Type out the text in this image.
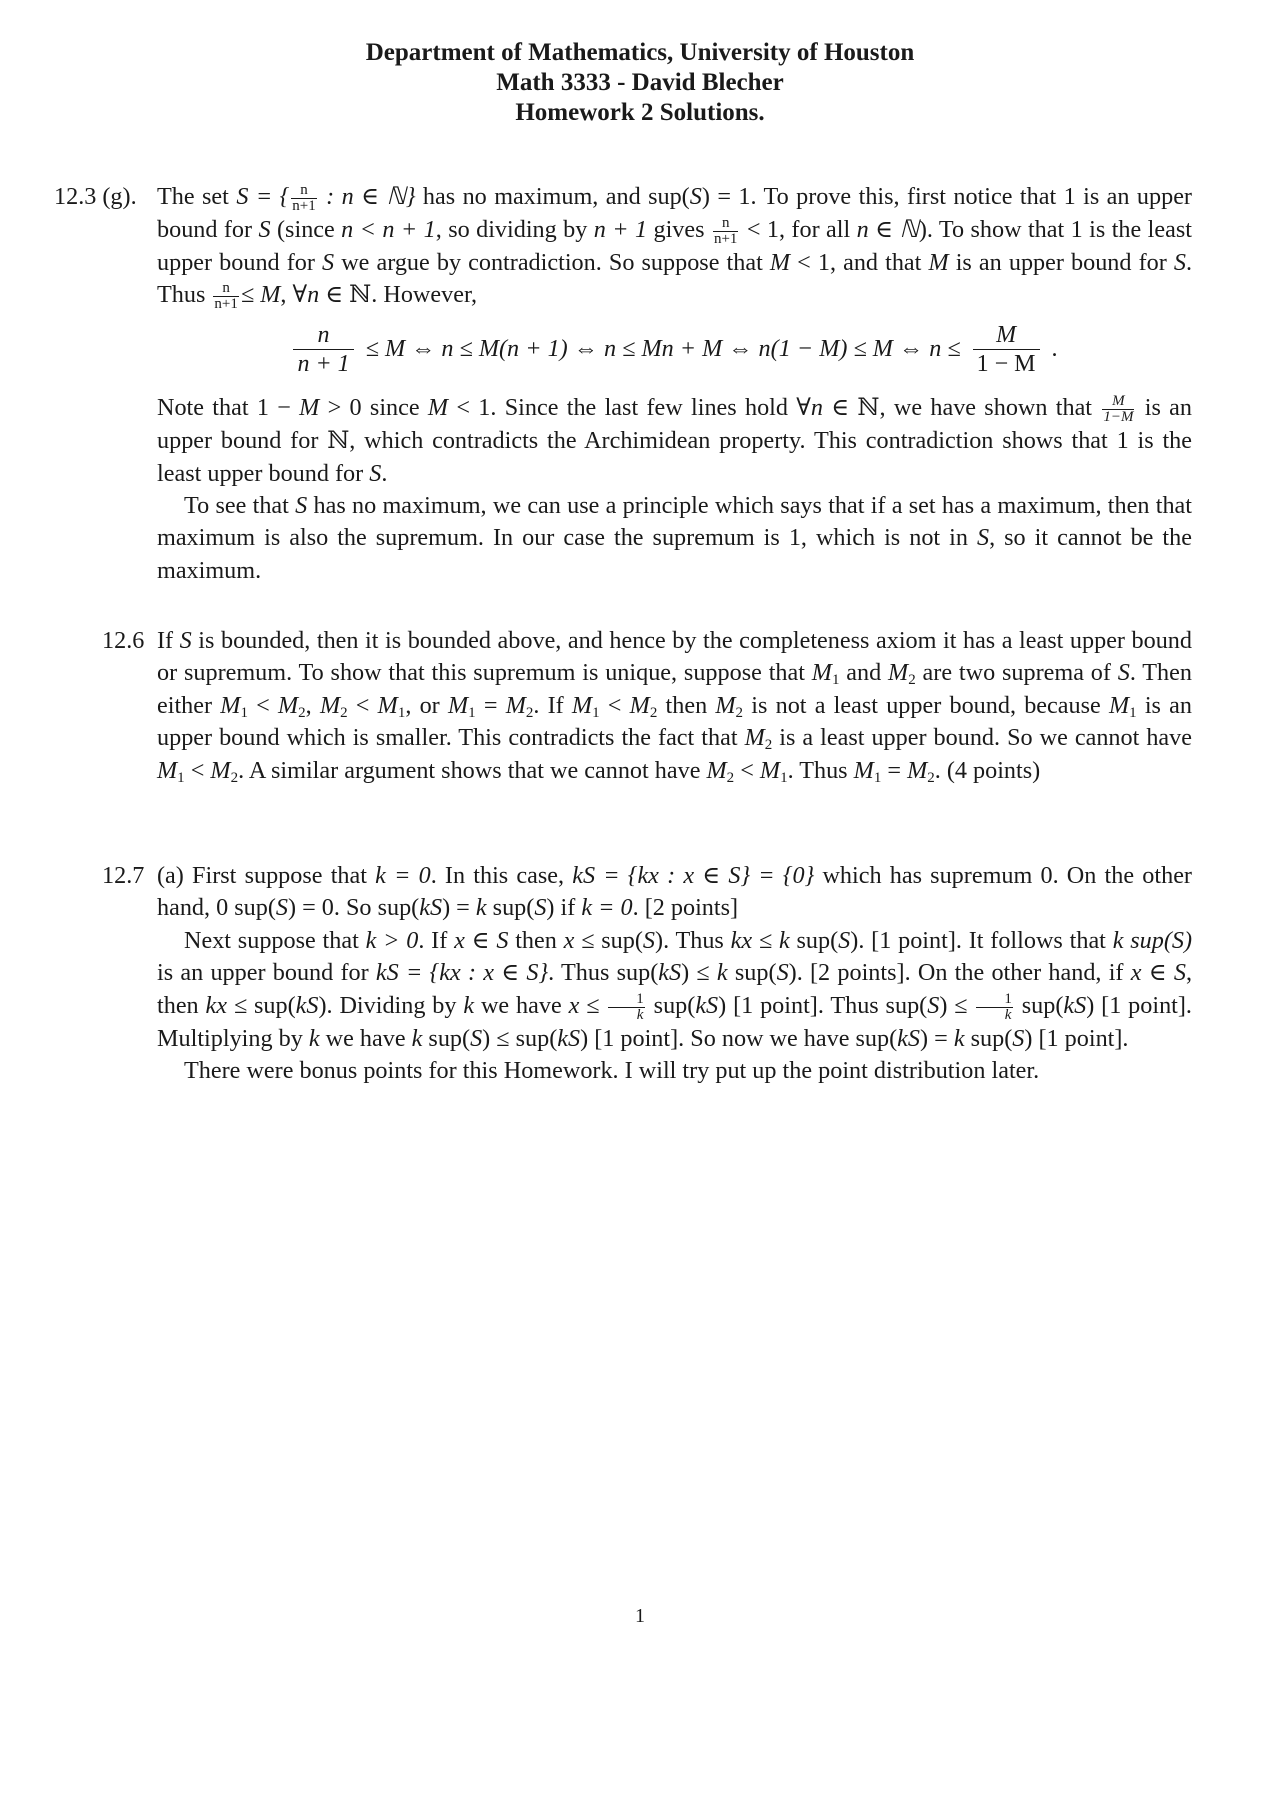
Department of Mathematics, University of Houston
Math 3333 - David Blecher
Homework 2 Solutions.
12.3 (g). The set S = { $\frac{n}{n+1}$ : n ∈ ℕ} has no maximum, and sup(S) = 1. To prove this, first notice that 1 is an upper bound for S (since n < n + 1, so dividing by n + 1 gives $\frac{n}{n+1} < 1$, for all n ∈ ℕ). To show that 1 is the least upper bound for S we argue by contradiction. So suppose that M < 1, and that M is an upper bound for S. Thus $\frac{n}{n+1} \le M$, ∀n ∈ ℕ. However,

$\frac{n}{n + 1} \le M$ ⇔ n ≤ M(n + 1) ⇔ n ≤ Mn + M ⇔ n(1 − M) ≤ M ⇔ $n \le \frac{M}{1 - M}$ .

Note that 1 − M > 0 since M < 1. Since the last few lines hold ∀n ∈ ℕ, we have shown that $\frac{M}{1-M}$ is an upper bound for ℕ, which contradicts the Archimidean property. This contradiction shows that 1 is the least upper bound for S.

To see that S has no maximum, we can use a principle which says that if a set has a maximum, then that maximum is also the supremum. In our case the supremum is 1, which is not in S, so it cannot be the maximum.

12.6 If S is bounded, then it is bounded above, and hence by the completeness axiom it has a least upper bound or supremum. To show that this supremum is unique, suppose that $M_1$ and $M_2$ are two suprema of S. Then either $M_1 < M_2$, $M_2 < M_1$, or $M_1 = M_2$. If $M_1 < M_2$ then $M_2$ is not a least upper bound, because $M_1$ is an upper bound which is smaller. This contradicts the fact that $M_2$ is a least upper bound. So we cannot have $M_1 < M_2$. A similar argument shows that we cannot have $M_2 < M_1$. Thus $M_1 = M_2$. (4 points)

12.7 (a) First suppose that k = 0. In this case, kS = {kx : x ∈ S} = {0} which has supremum 0. On the other hand, 0 sup(S) = 0. So sup(kS) = k sup(S) if k = 0. [2 points]

Next suppose that k > 0. If x ∈ S then x ≤ sup(S). Thus kx ≤ k sup(S). [1 point]. It follows that k sup(S) is an upper bound for kS = {kx : x ∈ S}. Thus sup(kS) ≤ k sup(S). [2 points]. On the other hand, if x ∈ S, then kx ≤ sup(kS). Dividing by k we have $x \le \frac{1}{k} sup(kS)$ [1 point]. Thus $sup(S) \le \frac{1}{k} sup(kS)$ [1 point]. Multiplying by k we have k sup(S) ≤ sup(kS) [1 point]. So now we have sup(kS) = k sup(S) [1 point].

There were bonus points for this Homework. I will try put up the point distribution later.

1
